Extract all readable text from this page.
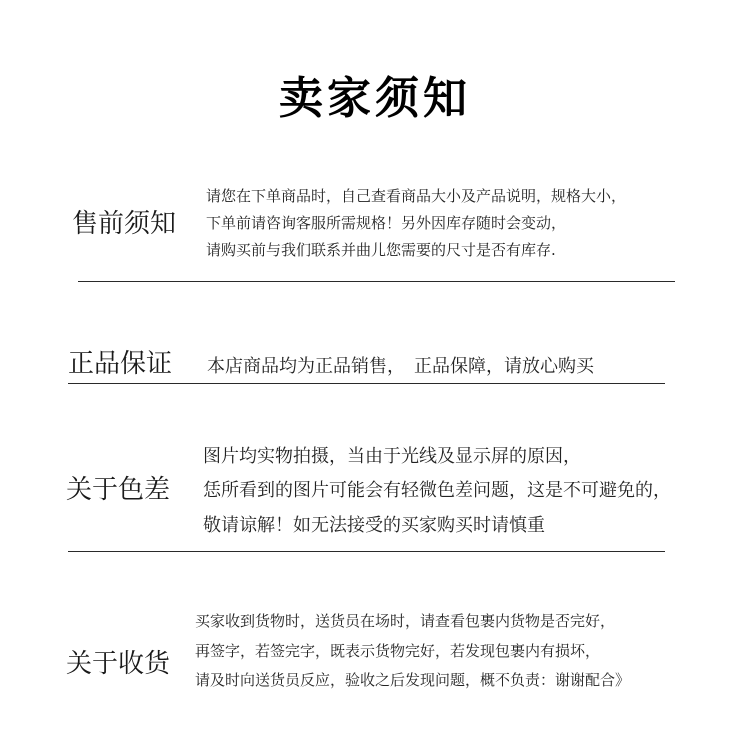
卖家须知
售前须知
请您在下单商品时，自己查看商品大小及产品说明，规格大小，
下单前请咨询客服所需规格！另外因库存随时会变动，
请购买前与我们联系并曲儿您需要的尺寸是否有库存.
正品保证 本店商品均为正品销售，　正品保障，请放心购买
关于色差
图片均实物拍摄，当由于光线及显示屏的原因，
恁所看到的图片可能会有轻微色差问题，这是不可避免的，
敬请谅解！如无法接受的买家购买时请慎重
关于收货
买家收到货物时，送货员在场时，请查看包裹内货物是否完好，
再签字，若签完字，既表示货物完好，若发现包裹内有损坏，
请及时向送货员反应，验收之后发现问题，概不负责：谢谢配合》
